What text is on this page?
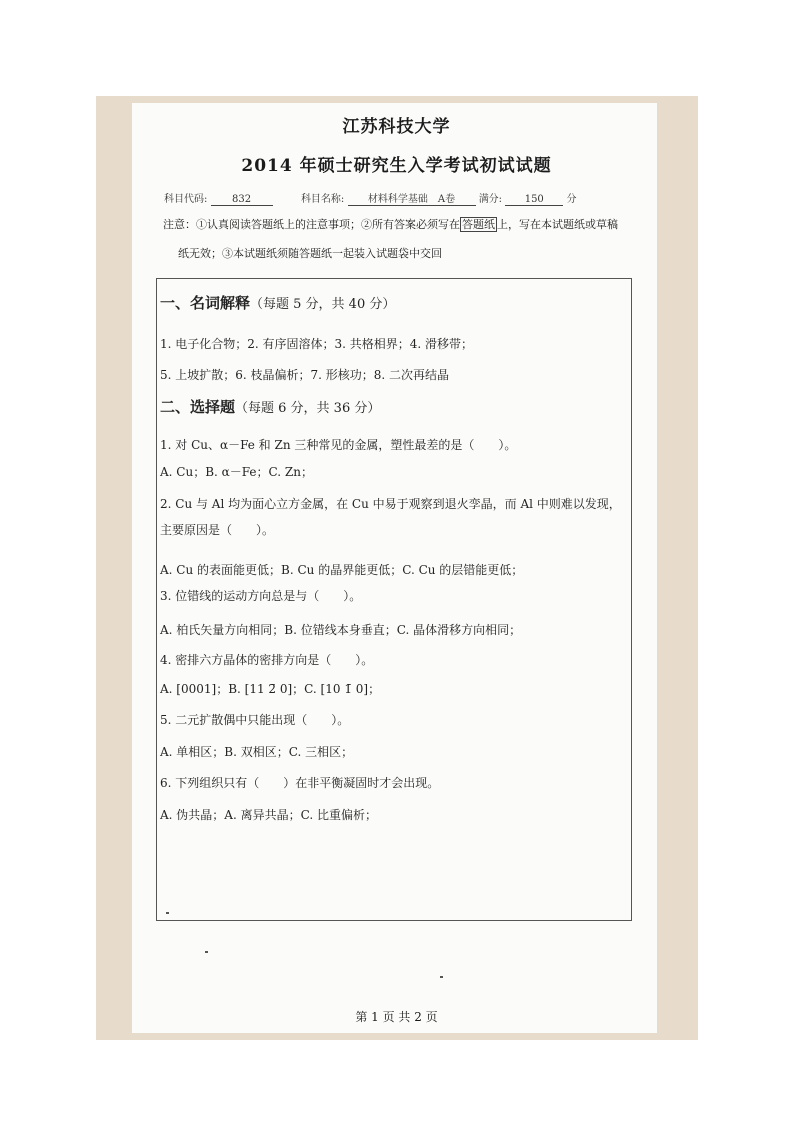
江苏科技大学
2014 年硕士研究生入学考试初试试题
科目代码: 832	科目名称: 材料科学基础　A卷 满分: 150 分
注意：①认真阅读答题纸上的注意事项；②所有答案必须写在 答题纸 上，写在本试题纸或草稿
纸无效；③本试题纸须随答题纸一起装入试题袋中交回
一、名词解释（每题 5 分，共 40 分）
1. 电子化合物；2. 有序固溶体；3. 共格相界；4. 滑移带；
5. 上坡扩散；6. 枝晶偏析；7. 形核功；8. 二次再结晶
二、选择题（每题 6 分，共 36 分）
1. 对 Cu、α－Fe 和 Zn 三种常见的金属，塑性最差的是（　　）。
A. Cu；B. α－Fe；C. Zn；
2. Cu 与 Al 均为面心立方金属，在 Cu 中易于观察到退火孪晶，而 Al 中则难以发现，
主要原因是（　　）。
A. Cu 的表面能更低；B. Cu 的晶界能更低；C. Cu 的层错能更低；
3. 位错线的运动方向总是与（　　）。
A. 柏氏矢量方向相同；B. 位错线本身垂直；C. 晶体滑移方向相同；
4. 密排六方晶体的密排方向是（　　）。
A. [0001]；B. [11 2̄ 0]；C. [10 1̄ 0]；
5. 二元扩散偶中只能出现（　　）。
A. 单相区；B. 双相区；C. 三相区；
6. 下列组织只有（　　）在非平衡凝固时才会出现。
A. 伪共晶；A. 离异共晶；C. 比重偏析；
第 1 页 共 2 页
